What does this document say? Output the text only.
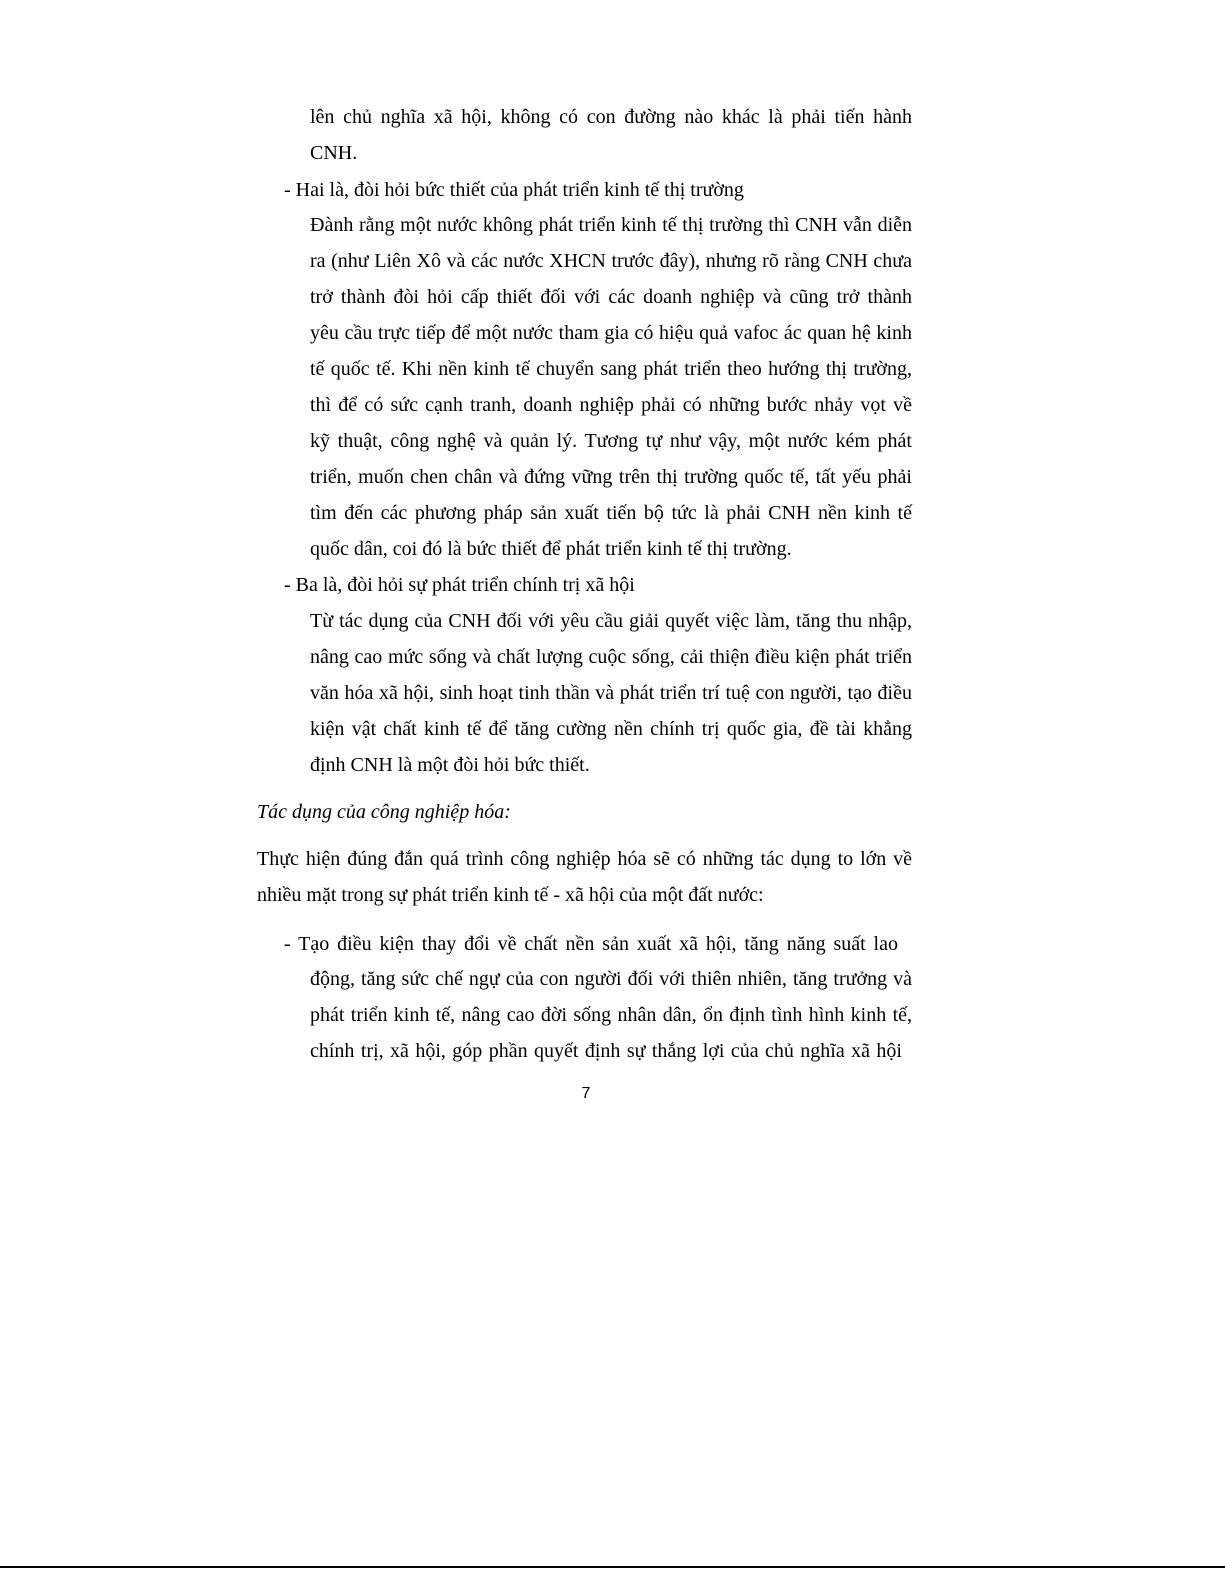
lên chủ nghĩa xã hội, không có con đường nào khác là phải tiến hành
CNH.
- Hai là, đòi hỏi bức thiết của phát triển kinh tế thị trường
Đành rằng một nước không phát triển kinh tế thị trường thì CNH vẫn diễn
ra (như Liên Xô và các nước XHCN trước đây), nhưng rõ ràng CNH chưa
trở thành đòi hỏi cấp thiết đối với các doanh nghiệp và cũng trở thành
yêu cầu trực tiếp để một nước tham gia có hiệu quả vafoc ác quan hệ kinh
tế quốc tế. Khi nền kinh tế chuyển sang phát triển theo hướng thị trường,
thì để có sức cạnh tranh, doanh nghiệp phải có những bước nhảy vọt về
kỹ thuật, công nghệ và quản lý. Tương tự như vậy, một nước kém phát
triển, muốn chen chân và đứng vững trên thị trường quốc tế, tất yếu phải
tìm đến các phương pháp sản xuất tiến bộ tức là phải CNH nền kinh tế
quốc dân, coi đó là bức thiết để phát triển kinh tế thị trường.
- Ba là, đòi hỏi sự phát triển chính trị xã hội
Từ tác dụng của CNH đối với yêu cầu giải quyết việc làm, tăng thu nhập,
nâng cao mức sống và chất lượng cuộc sống, cải thiện điều kiện phát triển
văn hóa xã hội, sinh hoạt tinh thần và phát triển trí tuệ con người, tạo điều
kiện vật chất kinh tế để tăng cường nền chính trị quốc gia, đề tài khẳng
định CNH là một đòi hỏi bức thiết.
Tác dụng của công nghiệp hóa:
Thực hiện đúng đắn quá trình công nghiệp hóa sẽ có những tác dụng to lớn về
nhiều mặt trong sự phát triển kinh tế - xã hội của một đất nước:
- Tạo điều kiện thay đổi về chất nền sản xuất xã hội, tăng năng suất lao
động, tăng sức chế ngự của con người đối với thiên nhiên, tăng trưởng và
phát triển kinh tế, nâng cao đời sống nhân dân, ổn định tình hình kinh tế,
chính trị, xã hội, góp phần quyết định sự thắng lợi của chủ nghĩa xã hội
7
